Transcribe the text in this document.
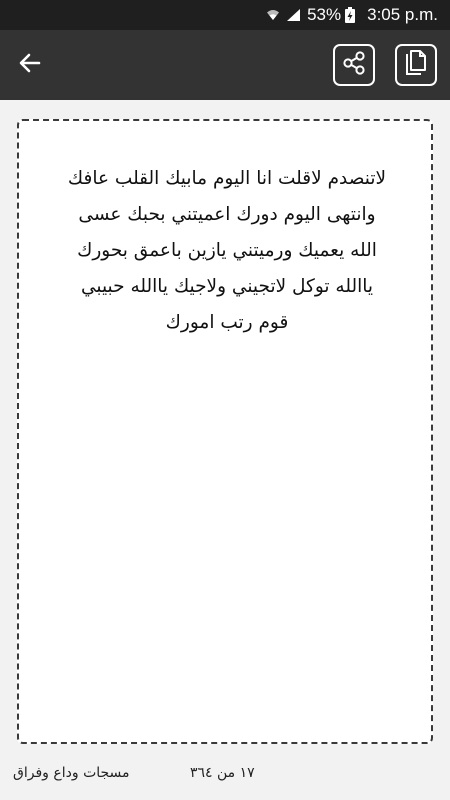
53% 3:05 p.m.
لاتنصدم لاقلت انا اليوم مابيك القلب عافك
وانتهى اليوم دورك اعميتني بحبك عسى
الله يعميك ورميتني يازين باعمق بحورك
ياالله توكل لاتجيني ولاجيك ياالله حبيبي
قوم رتب امورك
مسجات وداع وفراق	١٧ من ٣٦٤
